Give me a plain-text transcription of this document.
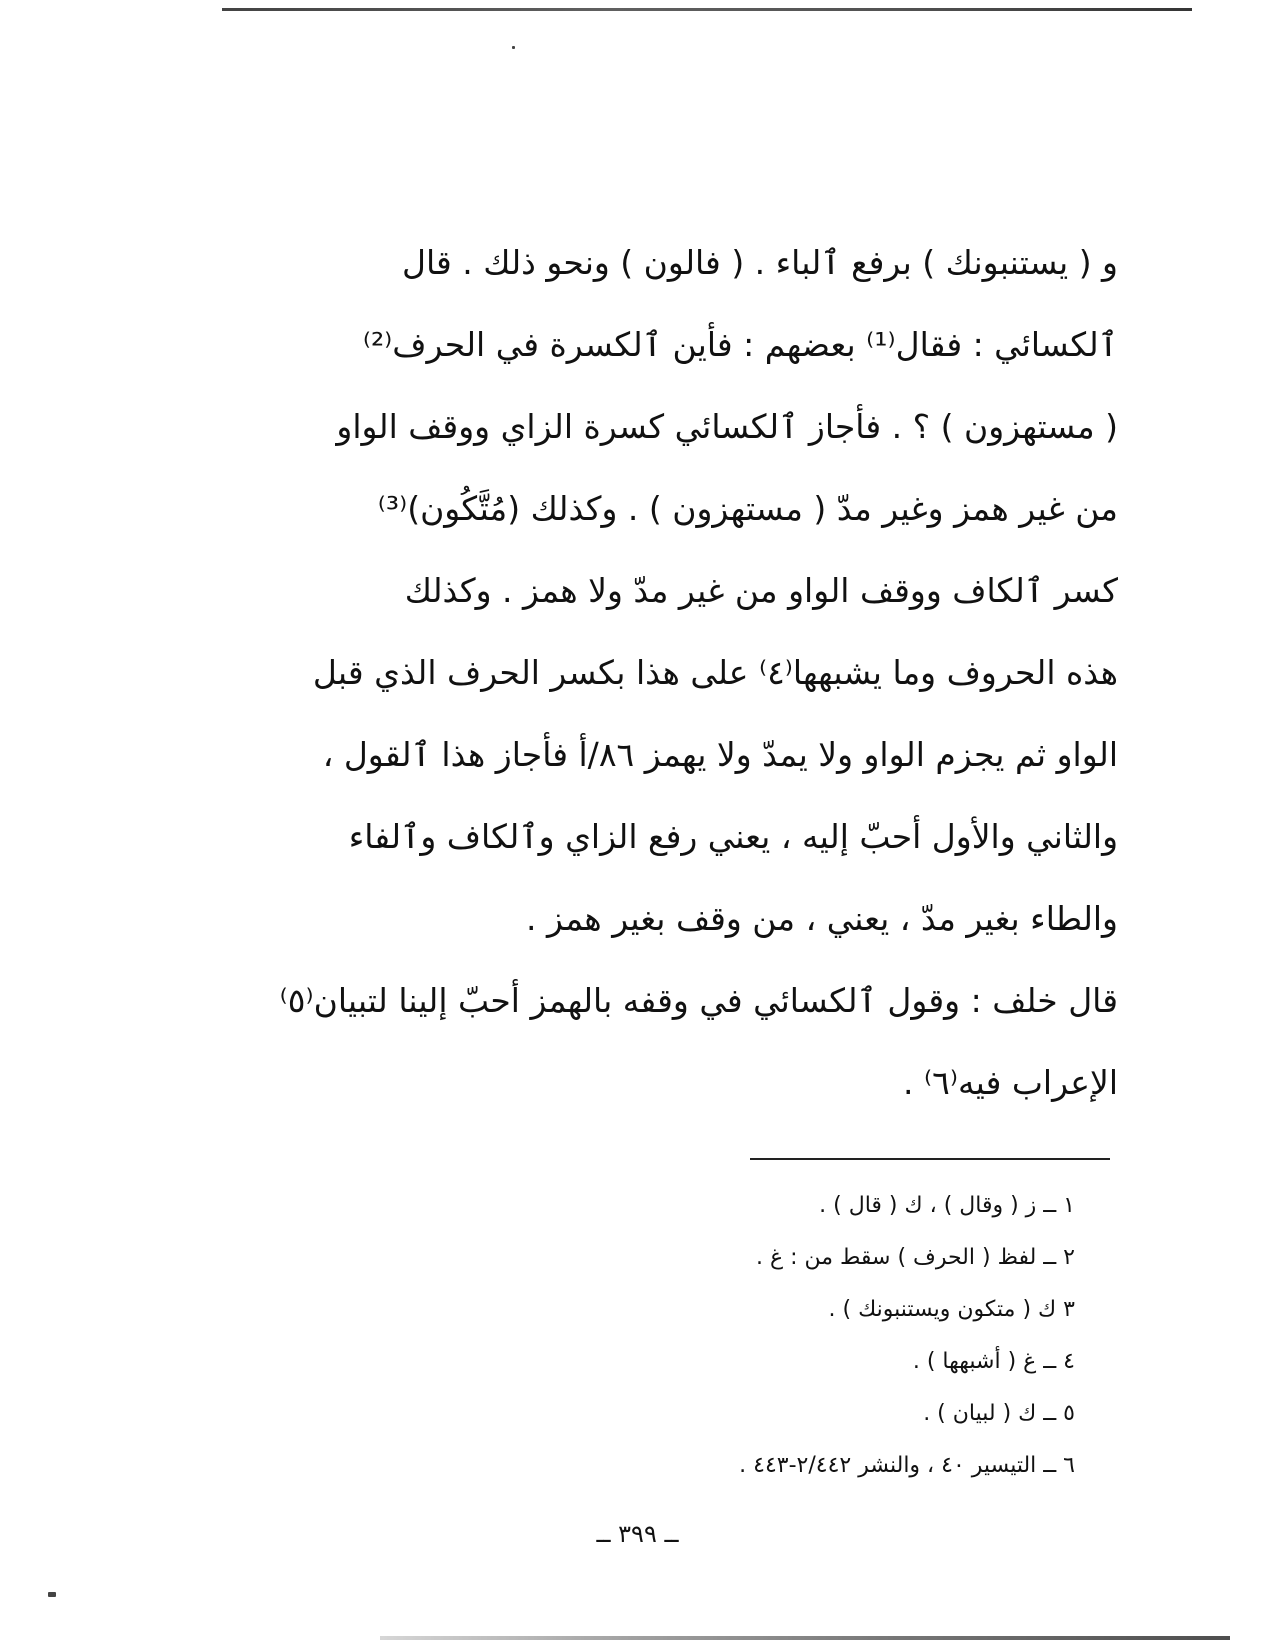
و ( يستنبونك ) برفع ٱلباء . ( فالون ) ونحو ذلك . قال
ٱلكسائي : فقال⁽¹⁾ بعضهم : فأين ٱلكسرة في الحرف⁽²⁾
( مستهزون ) ؟ . فأجاز ٱلكسائي كسرة الزاي ووقف الواو
من غير همز وغير مدّ ( مستهزون ) . وكذلك (مُتَّكُون)⁽³⁾
كسر ٱلكاف ووقف الواو من غير مدّ ولا همز . وكذلك
هذه الحروف وما يشبهها⁽٤⁾ على هذا بكسر الحرف الذي قبل
الواو ثم يجزم الواو ولا يمدّ ولا يهمز ٨٦/أ فأجاز هذا ٱلقول ،
والثاني والأول أحبّ إليه ، يعني رفع الزاي وٱلكاف وٱلفاء
والطاء بغير مدّ ، يعني ، من وقف بغير همز .
قال خلف : وقول ٱلكسائي في وقفه بالهمز أحبّ إلينا لتبيان⁽٥⁾
الإعراب فيه⁽٦⁾ .
١ ــ ز ( وقال ) ، ك ( قال ) .
٢ ــ لفظ ( الحرف ) سقط من : غ .
٣ ك ( متكون ويستنبونك ) .
٤ ــ غ ( أشبهها ) .
٥ ــ ك ( لبيان ) .
٦ ــ التيسير ٤٠ ، والنشر ٢/٤٤٢-٤٤٣ .
ــ ٣٩٩ ــ
